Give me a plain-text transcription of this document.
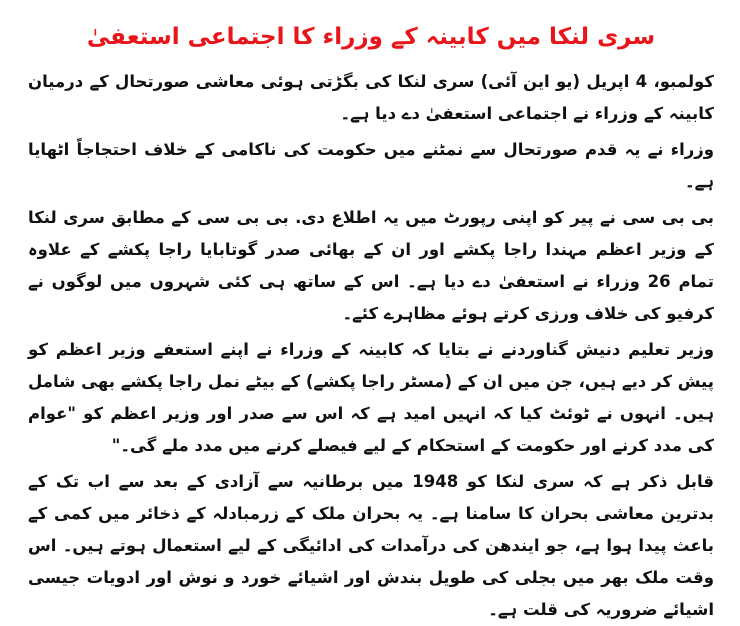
سری لنکا میں کابینہ کے وزراء کا اجتماعی استعفیٰ

کولمبو، 4 اپریل (یو این آئی) سری لنکا کی بگڑتی ہوئی معاشی صورتحال کے درمیان کابینہ کے وزراء نے اجتماعی استعفیٰ دے دیا ہے۔

وزراء نے یہ قدم صورتحال سے نمٹنے میں حکومت کی ناکامی کے خلاف احتجاجاً اٹھایا ہے۔

بی بی سی نے پیر کو اپنی رپورٹ میں یہ اطلاع دی. بی بی سی کے مطابق سری لنکا کے وزیر اعظم مہندا راجا پکشے اور ان کے بھائی صدر گوتابایا راجا پکشے کے علاوہ تمام 26 وزراء نے استعفیٰ دے دیا ہے۔ اس کے ساتھ ہی کئی شہروں میں لوگوں نے کرفیو کی خلاف ورزی کرتے ہوئے مظاہرے کئے۔

وزیر تعلیم دنیش گناوردنے نے بتایا کہ کابینہ کے وزراء نے اپنے استعفے وزیر اعظم کو پیش کر دیے ہیں، جن میں ان کے (مسٹر راجا پکشے) کے بیٹے نمل راجا پکشے بھی شامل ہیں۔ انہوں نے ٹوئٹ کیا کہ انہیں امید ہے کہ اس سے صدر اور وزیر اعظم کو "عوام کی مدد کرنے اور حکومت کے استحکام کے لیے فیصلے کرنے میں مدد ملے گی۔"

قابل ذکر ہے کہ سری لنکا کو 1948 میں برطانیہ سے آزادی کے بعد سے اب تک کے بدترین معاشی بحران کا سامنا ہے۔ یہ بحران ملک کے زرمبادلہ کے ذخائر میں کمی کے باعث پیدا ہوا ہے، جو ایندھن کی درآمدات کی ادائیگی کے لیے استعمال ہوتے ہیں۔ اس وقت ملک بھر میں بجلی کی طویل بندش اور اشیائے خورد و نوش اور ادویات جیسی اشیائے ضروریہ کی قلت ہے۔
